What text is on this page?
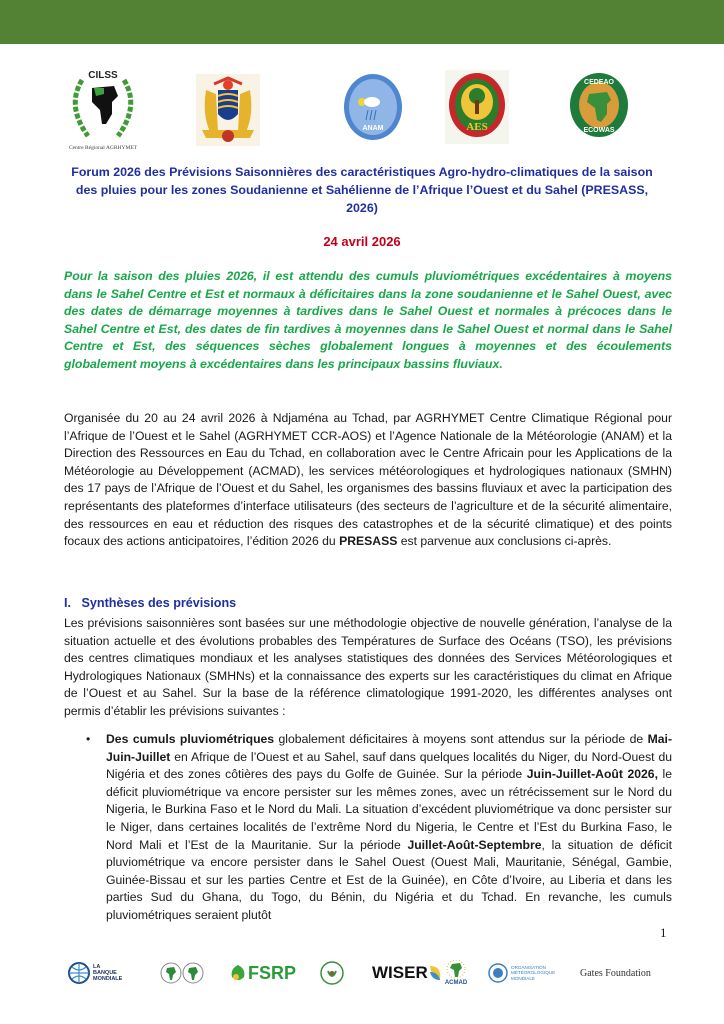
CILSS
Centre Régional AGRHYMET
ANAM	AES
CEDEAO
ECOWAS
Forum 2026 des Prévisions Saisonnières des caractéristiques Agro-hydro-climatiques de la saison des pluies pour les zones Soudanienne et Sahélienne de l’Afrique l’Ouest et du Sahel (PRESASS, 2026)
24 avril 2026
Pour la saison des pluies 2026, il est attendu des cumuls pluviométriques excédentaires à moyens dans le Sahel Centre et Est et normaux à déficitaires dans la zone soudanienne et le Sahel Ouest, avec des dates de démarrage moyennes à tardives dans le Sahel Ouest et normales à précoces dans le Sahel Centre et Est, des dates de fin tardives à moyennes dans le Sahel Ouest et normal dans le Sahel Centre et Est, des séquences sèches globalement longues à moyennes et des écoulements globalement moyens à excédentaires dans les principaux bassins fluviaux.
Organisée du 20 au 24 avril 2026 à Ndjaména au Tchad, par AGRHYMET Centre Climatique Régional pour l’Afrique de l’Ouest et le Sahel (AGRHYMET CCR-AOS) et l’Agence Nationale de la Météorologie (ANAM) et la Direction des Ressources en Eau du Tchad, en collaboration avec le Centre Africain pour les Applications de la Météorologie au Développement (ACMAD), les services météorologiques et hydrologiques nationaux (SMHN) des 17 pays de l’Afrique de l’Ouest et du Sahel, les organismes des bassins fluviaux et avec la participation des représentants des plateformes d’interface utilisateurs (des secteurs de l’agriculture et de la sécurité alimentaire, des ressources en eau et réduction des risques des catastrophes et de la sécurité climatique) et des points focaux des actions anticipatoires, l’édition 2026 du PRESASS est parvenue aux conclusions ci-après.
I.   Synthèses des prévisions
Les prévisions saisonnières sont basées sur une méthodologie objective de nouvelle génération, l’analyse de la situation actuelle et des évolutions probables des Températures de Surface des Océans (TSO), les prévisions des centres climatiques mondiaux et les analyses statistiques des données des Services Météorologiques et Hydrologiques Nationaux (SMHNs) et la connaissance des experts sur les caractéristiques du climat en Afrique de l’Ouest et au Sahel. Sur la base de la référence climatologique 1991-2020, les différentes analyses ont permis d’établir les prévisions suivantes :
•	Des cumuls pluviométriques globalement déficitaires à moyens sont attendus sur la période de Mai-Juin-Juillet en Afrique de l’Ouest et au Sahel, sauf dans quelques localités du Niger, du Nord-Ouest du Nigéria et des zones côtières des pays du Golfe de Guinée. Sur la période Juin-Juillet-Août 2026, le déficit pluviométrique va encore persister sur les mêmes zones, avec un rétrécissement sur le Nord du Nigeria, le Burkina Faso et le Nord du Mali. La situation d’excédent pluviométrique va donc persister sur le Niger, dans certaines localités de l’extrême Nord du Nigeria, le Centre et l’Est du Burkina Faso, le Nord Mali et l’Est de la Mauritanie. Sur la période Juillet-Août-Septembre, la situation de déficit pluviométrique va encore persister dans le Sahel Ouest (Ouest Mali, Mauritanie, Sénégal, Gambie, Guinée-Bissau et sur les parties Centre et Est de la Guinée), en Côte d’Ivoire, au Liberia et dans les parties Sud du Ghana, du Togo, du Bénin, du Nigéria et du Tchad. En revanche, les cumuls pluviométriques seraient plutôt
1
LA BANQUE MONDIALE	FSRP	WISER
ACMAD
ORGANISATION MÉTÉOROLOGIQUE MONDIALE	Gates Foundation
